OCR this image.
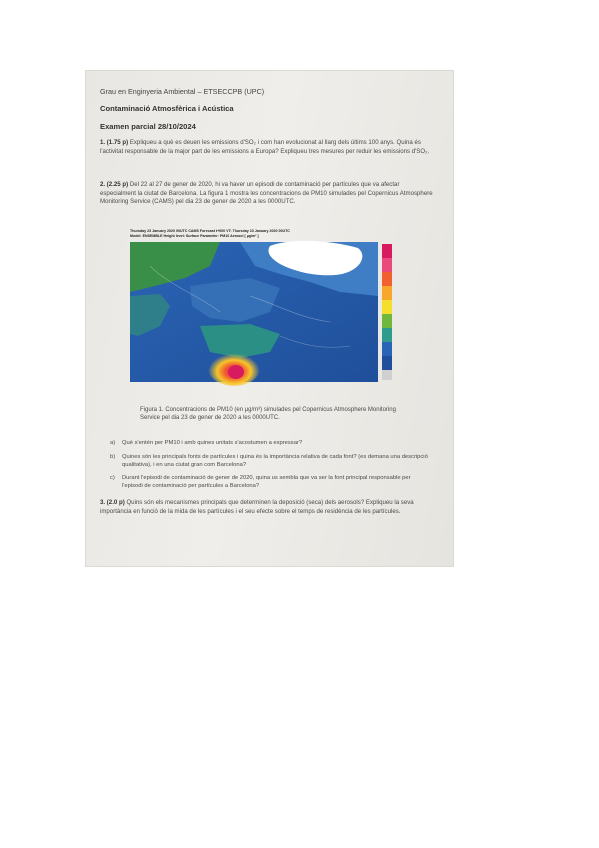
Grau en Enginyeria Ambiental – ETSECCPB (UPC)
Contaminació Atmosfèrica i Acústica
Examen parcial 28/10/2024
1. (1.75 p) Expliqueu a què es deuen les emissions d'SO₂ i com han evolucionat al llarg dels últims 100 anys. Quina és l'activitat responsable de la major part de les emissions a Europa? Expliqueu tres mesures per reduir les emissions d'SO₂.
2. (2.25 p) Del 22 al 27 de gener de 2020, hi va haver un episodi de contaminació per partícules que va afectar especialment la ciutat de Barcelona. La figura 1 mostra les concentracions de PM10 simulades pel Copernicus Atmosphere Monitoring Service (CAMS) pel dia 23 de gener de 2020 a les 0000UTC.
Thursday 23 January 2020 00UTC CAMS Forecast t+000 VT: Thursday 23 January 2020 00UTC
Model: ENSEMBLE Height level: Surface Parameter: PM10 Aerosol [ µg/m³ ]
Figura 1. Concentracions de PM10 (en µg/m³) simulades pel Copernicus Atmosphere Monitoring Service pel dia 23 de gener de 2020 a les 0000UTC.
a)	Què s'entén per PM10 i amb quines unitats s'acostumen a expressar?
b)	Quines són les principals fonts de partícules i quina és la importància relativa de cada font? (es demana una descripció qualitativa), i en una ciutat gran com Barcelona?
c)	Durant l'episodi de contaminació de gener de 2020, quina us sembla que va ser la font principal responsable per l'episodi de contaminació per partícules a Barcelona?
3. (2.0 p) Quins són els mecanismes principals que determinen la deposició (seca) dels aerosols? Expliqueu la seva importància en funció de la mida de les partícules i el seu efecte sobre el temps de residència de les partícules.
